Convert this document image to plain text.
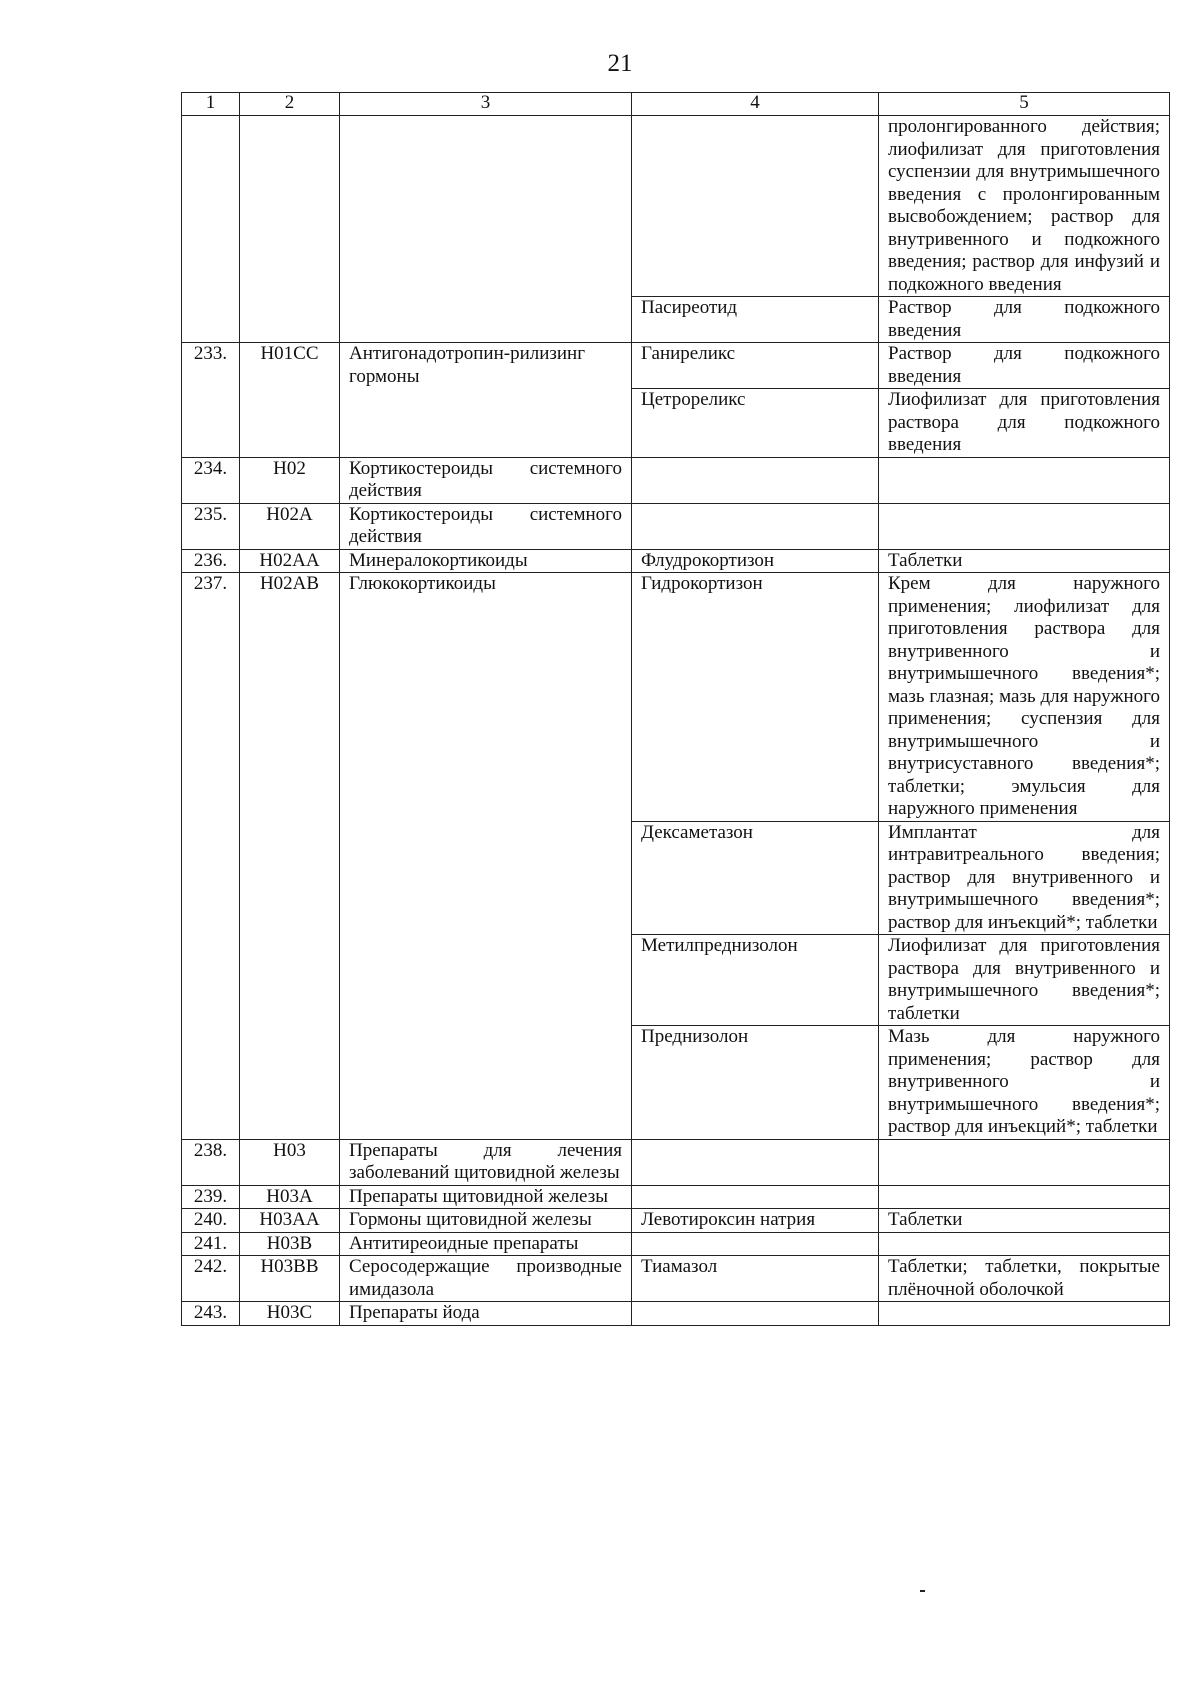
21
1	2	3	4	5
				пролонгированного действия; лиофилизат для приготовления суспензии для внутримышечного введения с пролонгированным высвобождением; раствор для внутривенного и подкожного введения; раствор для инфузий и подкожного введения
			Пасиреотид	Раствор для подкожного введения
233.	H01CC	Антигонадотропин-рилизинг гормоны	Ганиреликс	Раствор для подкожного введения
			Цетрореликс	Лиофилизат для приготовления раствора для подкожного введения
234.	H02	Кортикостероиды системного действия		
235.	H02A	Кортикостероиды системного действия		
236.	H02AA	Минералокортикоиды	Флудрокортизон	Таблетки
237.	H02AB	Глюкокортикоиды	Гидрокортизон	Крем для наружного применения; лиофилизат для приготовления раствора для внутривенного и внутримышечного введения*; мазь глазная; мазь для наружного применения; суспензия для внутримышечного и внутрисуставного введения*; таблетки; эмульсия для наружного применения
			Дексаметазон	Имплантат для интравитреального введения; раствор для внутривенного и внутримышечного введения*; раствор для инъекций*; таблетки
			Метилпреднизолон	Лиофилизат для приготовления раствора для внутривенного и внутримышечного введения*; таблетки
			Преднизолон	Мазь для наружного применения; раствор для внутривенного и внутримышечного введения*; раствор для инъекций*; таблетки
238.	H03	Препараты для лечения заболеваний щитовидной железы		
239.	H03A	Препараты щитовидной железы		
240.	H03AA	Гормоны щитовидной железы	Левотироксин натрия	Таблетки
241.	H03B	Антитиреоидные препараты		
242.	H03BB	Серосодержащие производные имидазола	Тиамазол	Таблетки; таблетки, покрытые плёночной оболочкой
243.	H03C	Препараты йода		
